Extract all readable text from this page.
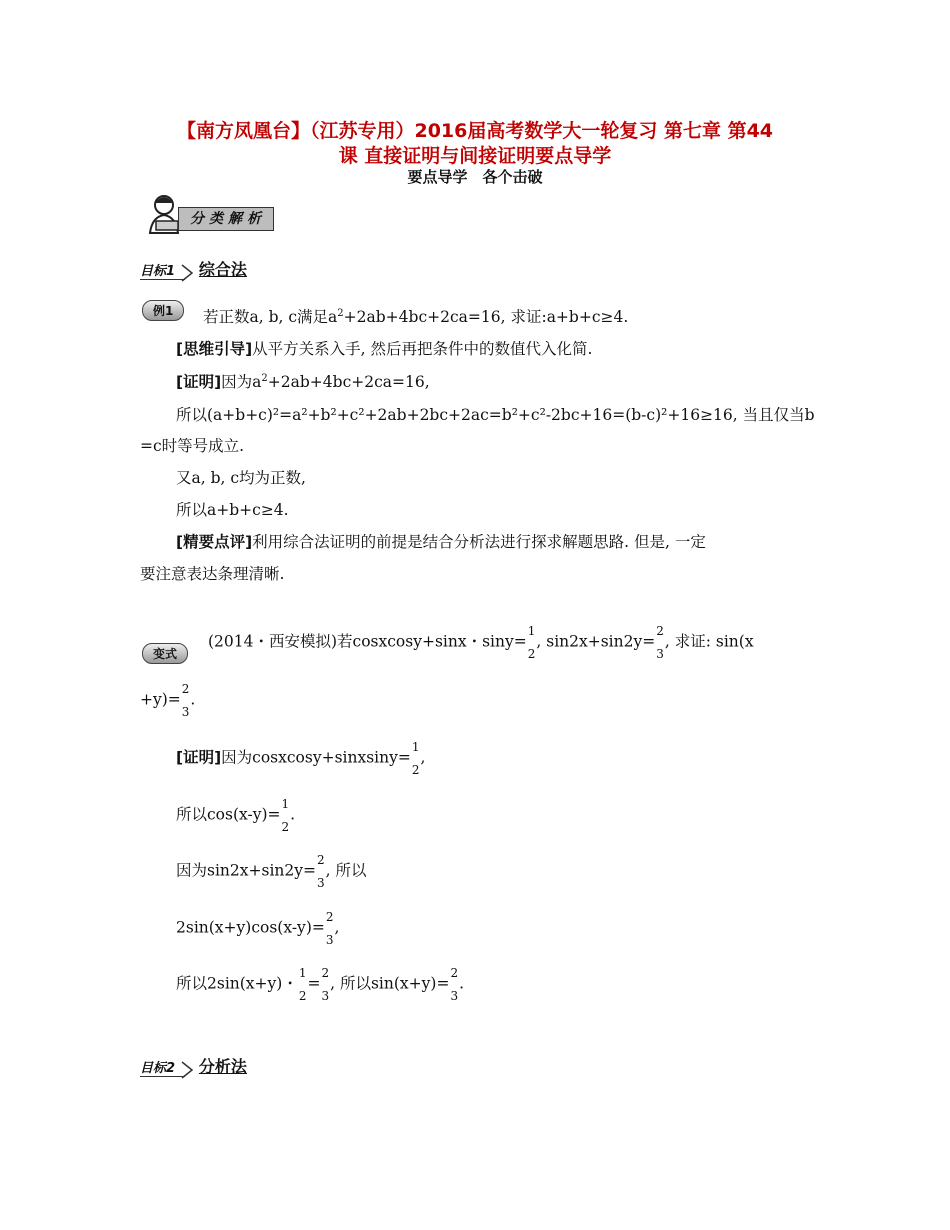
【南方凤凰台】（江苏专用）2016届高考数学大一轮复习 第七章 第44
课 直接证明与间接证明要点导学
要点导学　各个击破
分类解析
目标1 综合法
例1	若正数a, b, c满足$a^2+2ab+4bc+2ca=16$, 求证:a+b+c≥4.
[思维引导]从平方关系入手, 然后再把条件中的数值代入化简.
[证明]因为$a^2+2ab+4bc+2ca=16$,
所以(a+b+c)²=a²+b²+c²+2ab+2bc+2ac=b²+c²-2bc+16=(b-c)²+16≥16, 当且仅当b
=c时等号成立.
又a, b, c均为正数,
所以a+b+c≥4.
[精要点评]利用综合法证明的前提是结合分析法进行探求解题思路. 但是, 一定
要注意表达条理清晰.
变式
(2014・西安模拟)若cosxcosy+sinx・siny=
1
2
, sin2x+sin2y=
2
3
, 求证: sin(x
+y)=
2
3
.
[证明]因为cosxcosy+sinxsiny=
1
2
,
所以cos(x-y)=
1
2
.
因为sin2x+sin2y=
2
3
, 所以
2sin(x+y)cos(x-y)=
2
3
,
所以2sin(x+y)・
1
2
=
2
3
, 所以sin(x+y)=
2
3
.
目标2 分析法
